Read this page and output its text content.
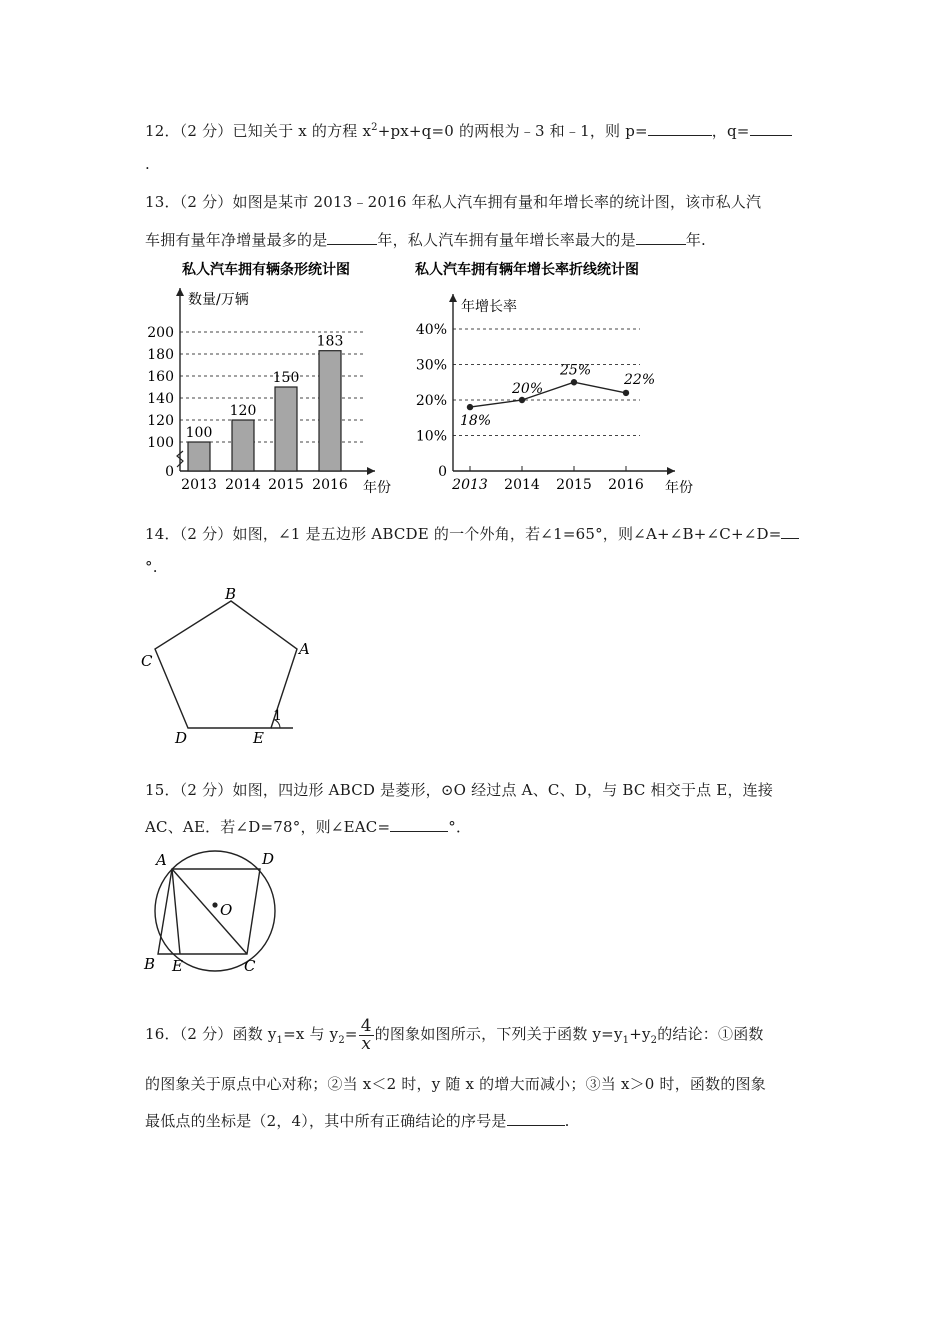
12．（2 分）已知关于 x 的方程 $x^2+px+q=0$ 的两根为﹣3 和﹣1，则 p=	，q=
.
13．（2 分）如图是某市 2013﹣2016 年私人汽车拥有量和年增长率的统计图，该市私人汽
车拥有量年净增量最多的是	年，私人汽车拥有量年增长率最大的是	年.
私人汽车拥有辆条形统计图
数量/万辆
0
100
120
140
160
180
200
年份
100
2013
120
2014
150
2015
183
2016
私人汽车拥有辆年增长率折线统计图
年增长率
0
10%
20%
30%
40%
年份
2013 2014 2015 2016
18%
20%
25%
22%
14．（2 分）如图，∠1 是五边形 ABCDE 的一个外角，若∠1=65°，则∠A+∠B+∠C+∠D=
°.
B
A
C
D	E
1
15．（2 分）如图，四边形 ABCD 是菱形，⊙O 经过点 A、C、D，与 BC 相交于点 E，连接
AC、AE．若∠D=78°，则∠EAC=	°．
A	D
O
B E	C
16．（2 分）函数 $y_1=x$ 与 $y_2= \frac{4}{x}$ 的图象如图所示，下列关于函数 $y=y_1+y_2$的结论：①函数
的图象关于原点中心对称；②当 x＜2 时，y 随 x 的增大而减小；③当 x＞0 时，函数的图象
最低点的坐标是（2，4），其中所有正确结论的序号是	.
